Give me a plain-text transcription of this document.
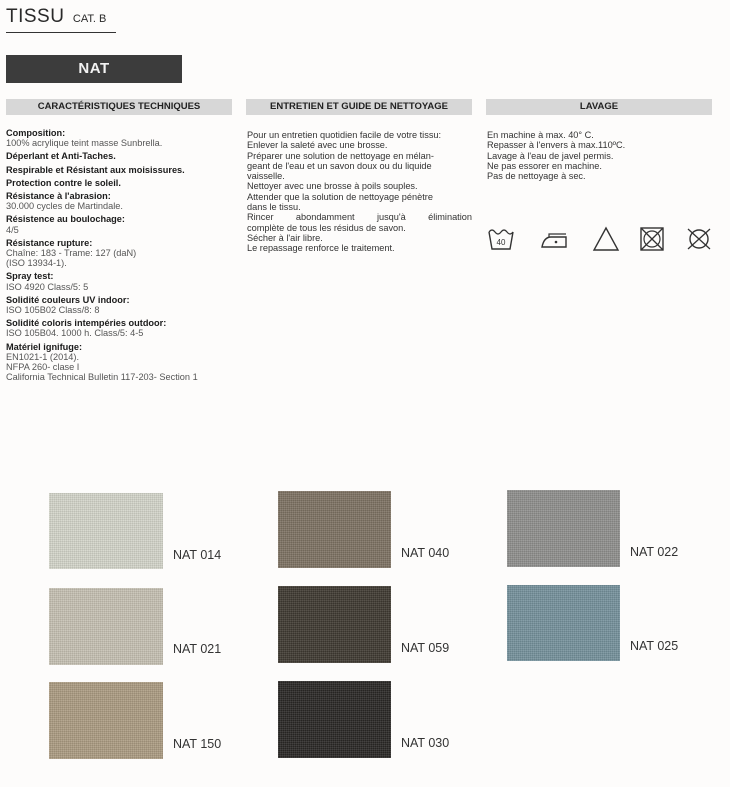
TISSU CAT. B
NAT
CARACTÉRISTIQUES TECHNIQUES	ENTRETIEN ET GUIDE DE NETTOYAGE	LAVAGE
Composition:
100% acrylique teint masse Sunbrella.
Déperlant et Anti-Taches.
Respirable et Résistant aux moisissures.
Protection contre le soleil.
Résistance à l'abrasion:
30.000 cycles de Martindale.
Résistence au boulochage:
4/5
Résistance rupture:
Chaîne: 183 - Trame: 127 (daN)
(ISO 13934-1).
Spray test:
ISO 4920 Class/5: 5
Solidité couleurs UV indoor:
ISO 105B02 Class/8: 8
Solidité coloris intempéries outdoor:
ISO 105B04. 1000 h. Class/5: 4-5
Matériel ignifuge:
EN1021-1 (2014).
NFPA 260- clase I
California Technical Bulletin 117-203- Section 1
Pour un entretien quotidien facile de votre tissu:
Enlever la saleté avec une brosse.
Préparer une solution de nettoyage en mélan-
geant de l'eau et un savon doux ou du liquide
vaisselle.
Nettoyer avec une brosse à poils souples.
Attender que la solution de nettoyage pénètre
dans le tissu.
Rincer abondamment jusqu'à élimination
complète de tous les résidus de savon.
Sécher à l'air libre.
Le repassage renforce le traitement.
En machine à max. 40° C.
Repasser à l'envers à max.110ºC.
Lavage à l'eau de javel permis.
Ne pas essorer en machine.
Pas de nettoyage à sec.
40
NAT 014	NAT 040	NAT 022
NAT 021	NAT 059	NAT 025
NAT 150	NAT 030
